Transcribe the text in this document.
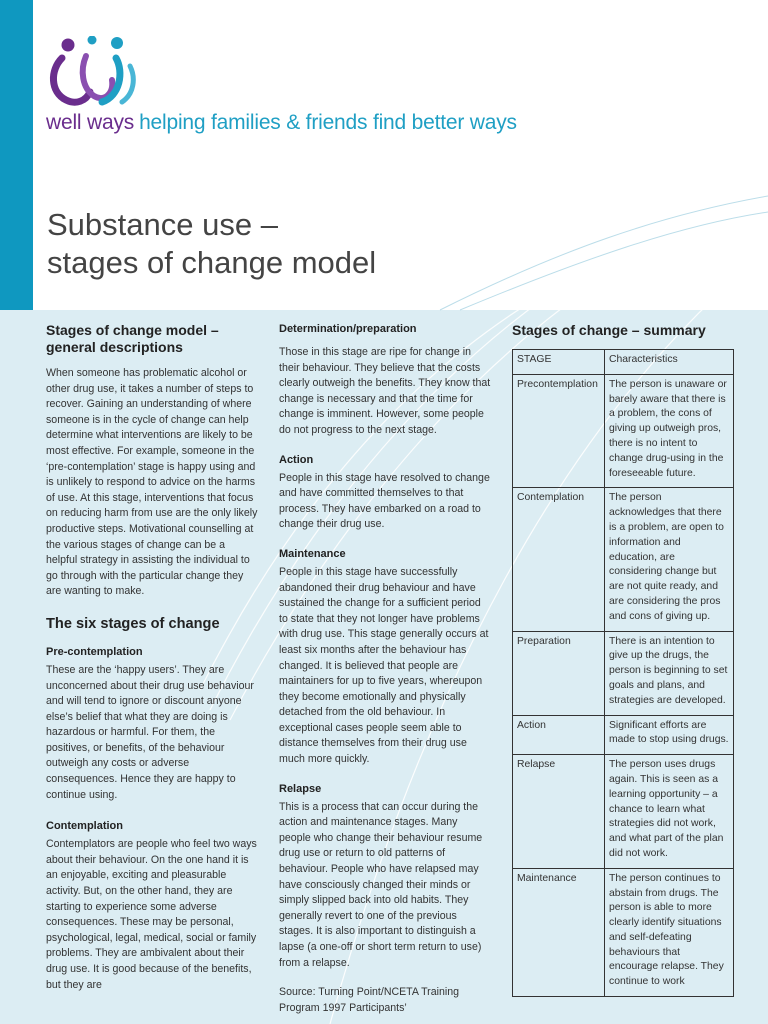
well ways helping families & friends find better ways
Substance use –
stages of change model
Stages of change model – general descriptions

When someone has problematic alcohol or other drug use, it takes a number of steps to recover. Gaining an understanding of where someone is in the cycle of change can help determine what interventions are likely to be most effective. For example, someone in the ‘pre-contemplation’ stage is happy using and is unlikely to respond to advice on the harms of use. At this stage, interventions that focus on reducing harm from use are the only likely productive steps. Motivational counselling at the various stages of change can be a helpful strategy in assisting the individual to go through with the particular change they are wanting to make.

The six stages of change
Pre-contemplation

These are the ‘happy users’. They are unconcerned about their drug use behaviour and will tend to ignore or discount anyone else’s belief that what they are doing is hazardous or harmful. For them, the positives, or benefits, of the behaviour outweigh any costs or adverse consequences. Hence they are happy to continue using.

Contemplation

Contemplators are people who feel two ways about their behaviour. On the one hand it is an enjoyable, exciting and pleasurable activity. But, on the other hand, they are starting to experience some adverse consequences. These may be personal, psychological, legal, medical, social or family problems. They are ambivalent about their drug use. It is good because of the benefits, but they are

Determination/preparation

Those in this stage are ripe for change in their behaviour. They believe that the costs clearly outweigh the benefits. They know that change is necessary and that the time for change is imminent. However, some people do not progress to the next stage.

Action

People in this stage have resolved to change and have committed themselves to that process. They have embarked on a road to change their drug use.

Maintenance

People in this stage have successfully abandoned their drug behaviour and have sustained the change for a sufficient period to state that they not longer have problems with drug use. This stage generally occurs at least six months after the behaviour has changed. It is believed that people are maintainers for up to five years, whereupon they become emotionally and physically detached from the old behaviour. In exceptional cases people seem able to distance themselves from their drug use much more quickly.

Relapse

This is a process that can occur during the action and maintenance stages. Many people who change their behaviour resume drug use or return to old patterns of behaviour. People who have relapsed may have consciously changed their minds or simply slipped back into old habits. They generally revert to one of the previous stages. It is also important to distinguish a lapse (a one-off or short term return to use) from a relapse.

Source: Turning Point/NCETA Training Program 1997 Participants’

Stages of change – summary
STAGE	Characteristics
Precontemplation	The person is unaware or barely aware that there is a problem, the cons of giving up outweigh pros, there is no intent to change drug-using in the foreseeable future.
Contemplation	The person acknowledges that there is a problem, are open to information and education, are considering change but are not quite ready, and are considering the pros and cons of giving up.
Preparation	There is an intention to give up the drugs, the person is beginning to set goals and plans, and strategies are developed.
Action	Significant efforts are made to stop using drugs.
Relapse	The person uses drugs again. This is seen as a learning opportunity – a chance to learn what strategies did not work, and what part of the plan did not work.
Maintenance	The person continues to abstain from drugs. The person is able to more clearly identify situations and self-defeating behaviours that encourage relapse. They continue to work
